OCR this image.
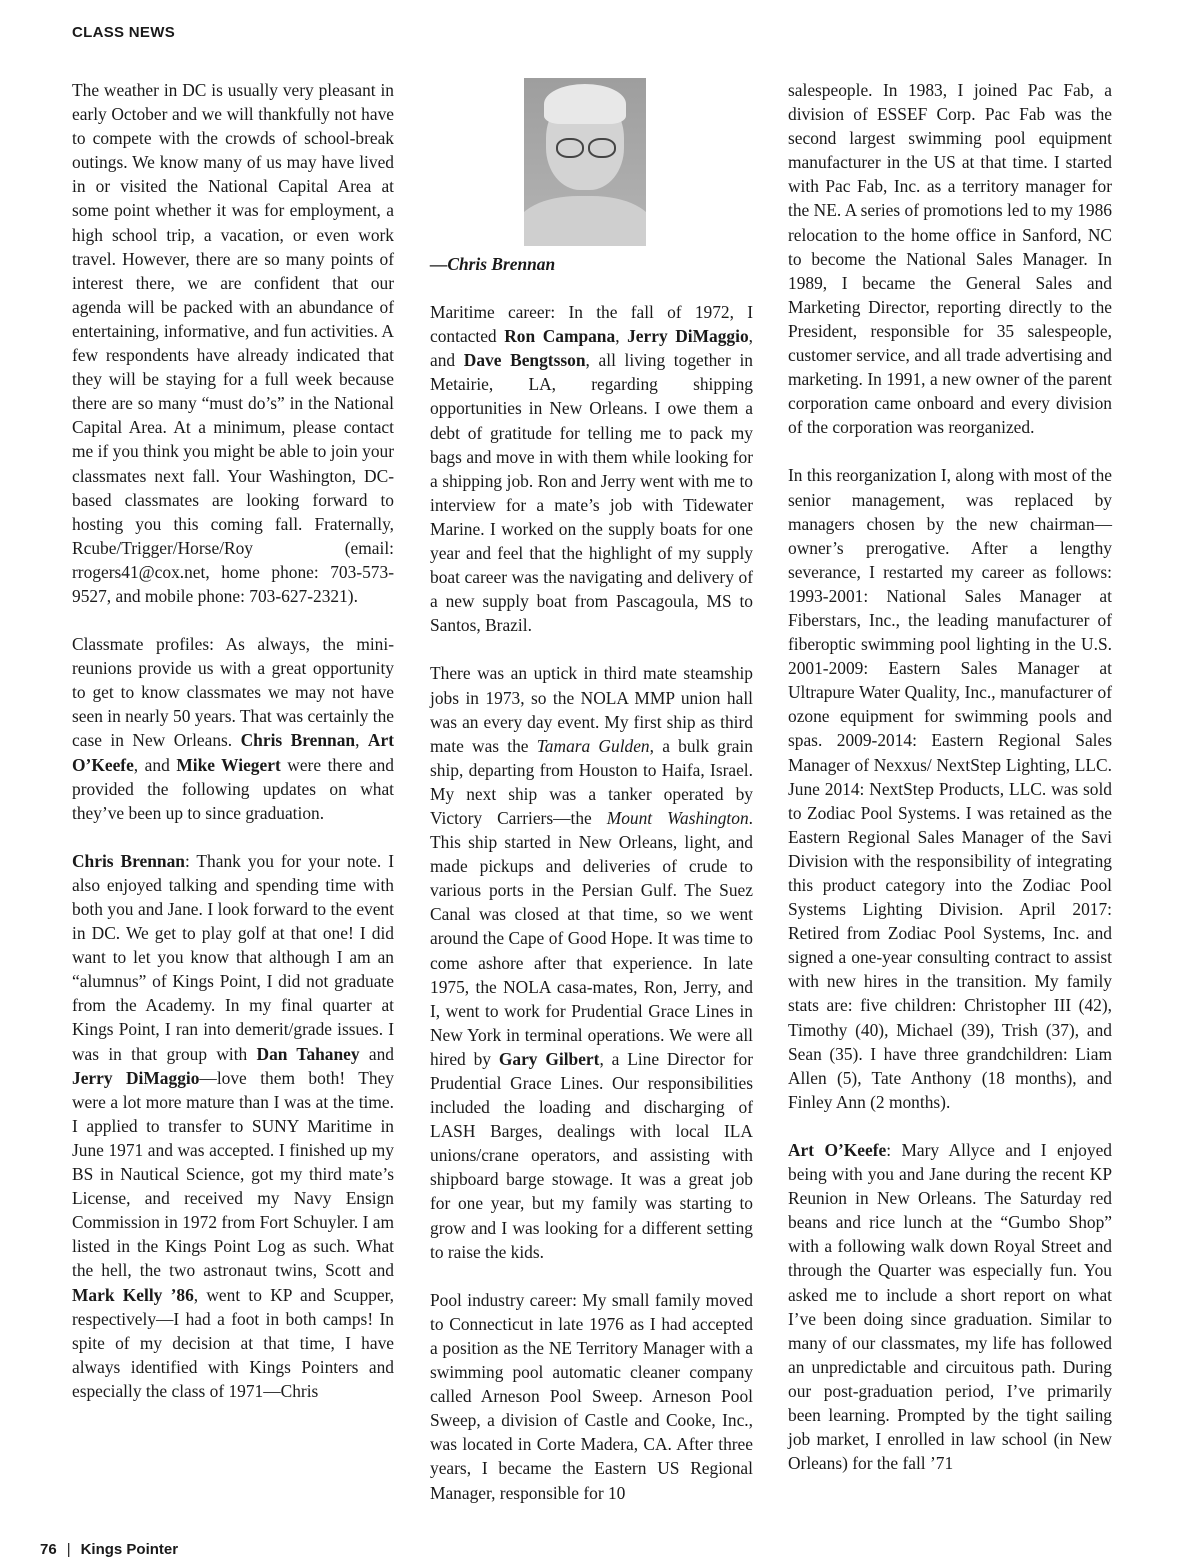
CLASS NEWS

The weather in DC is usually very pleasant in early October and we will thankfully not have to compete with the crowds of school-break outings. We know many of us may have lived in or visited the National Capital Area at some point whether it was for employment, a high school trip, a vacation, or even work travel. However, there are so many points of interest there, we are confident that our agenda will be packed with an abundance of entertaining, informative, and fun activities. A few respondents have already indicated that they will be staying for a full week because there are so many “must do’s” in the National Capital Area. At a minimum, please contact me if you think you might be able to join your classmates next fall. Your Washington, DC-based classmates are looking forward to hosting you this coming fall. Fraternally, Rcube/Trigger/Horse/Roy (email: rrogers41@cox.net, home phone: 703-573-9527, and mobile phone: 703-627-2321).

Classmate profiles: As always, the mini-reunions provide us with a great opportunity to get to know classmates we may not have seen in nearly 50 years. That was certainly the case in New Orleans. Chris Brennan, Art O’Keefe, and Mike Wiegert were there and provided the following updates on what they’ve been up to since graduation.

Chris Brennan: Thank you for your note. I also enjoyed talking and spending time with both you and Jane. I look forward to the event in DC. We get to play golf at that one! I did want to let you know that although I am an “alumnus” of Kings Point, I did not graduate from the Academy. In my final quarter at Kings Point, I ran into demerit/grade issues. I was in that group with Dan Tahaney and Jerry DiMaggio—love them both! They were a lot more mature than I was at the time. I applied to transfer to SUNY Maritime in June 1971 and was accepted. I finished up my BS in Nautical Science, got my third mate’s License, and received my Navy Ensign Commission in 1972 from Fort Schuyler. I am listed in the Kings Point Log as such. What the hell, the two astronaut twins, Scott and Mark Kelly ’86, went to KP and Scupper, respectively—I had a foot in both camps! In spite of my decision at that time, I have always identified with Kings Pointers and especially the class of 1971—Chris

—Chris Brennan

Maritime career: In the fall of 1972, I contacted Ron Campana, Jerry DiMaggio, and Dave Bengtsson, all living together in Metairie, LA, regarding shipping opportunities in New Orleans. I owe them a debt of gratitude for telling me to pack my bags and move in with them while looking for a shipping job. Ron and Jerry went with me to interview for a mate’s job with Tidewater Marine. I worked on the supply boats for one year and feel that the highlight of my supply boat career was the navigating and delivery of a new supply boat from Pascagoula, MS to Santos, Brazil.

There was an uptick in third mate steamship jobs in 1973, so the NOLA MMP union hall was an every day event. My first ship as third mate was the Tamara Gulden, a bulk grain ship, departing from Houston to Haifa, Israel. My next ship was a tanker operated by Victory Carriers—the Mount Washington. This ship started in New Orleans, light, and made pickups and deliveries of crude to various ports in the Persian Gulf. The Suez Canal was closed at that time, so we went around the Cape of Good Hope. It was time to come ashore after that experience. In late 1975, the NOLA casa-mates, Ron, Jerry, and I, went to work for Prudential Grace Lines in New York in terminal operations. We were all hired by Gary Gilbert, a Line Director for Prudential Grace Lines. Our responsibilities included the loading and discharging of LASH Barges, dealings with local ILA unions/crane operators, and assisting with shipboard barge stowage. It was a great job for one year, but my family was starting to grow and I was looking for a different setting to raise the kids.

Pool industry career: My small family moved to Connecticut in late 1976 as I had accepted a position as the NE Territory Manager with a swimming pool automatic cleaner company called Arneson Pool Sweep. Arneson Pool Sweep, a division of Castle and Cooke, Inc., was located in Corte Madera, CA. After three years, I became the Eastern US Regional Manager, responsible for 10

salespeople. In 1983, I joined Pac Fab, a division of ESSEF Corp. Pac Fab was the second largest swimming pool equipment manufacturer in the US at that time. I started with Pac Fab, Inc. as a territory manager for the NE. A series of promotions led to my 1986 relocation to the home office in Sanford, NC to become the National Sales Manager. In 1989, I became the General Sales and Marketing Director, reporting directly to the President, responsible for 35 salespeople, customer service, and all trade advertising and marketing. In 1991, a new owner of the parent corporation came onboard and every division of the corporation was reorganized.

In this reorganization I, along with most of the senior management, was replaced by managers chosen by the new chairman—owner’s prerogative. After a lengthy severance, I restarted my career as follows: 1993-2001: National Sales Manager at Fiberstars, Inc., the leading manufacturer of fiberoptic swimming pool lighting in the U.S. 2001-2009: Eastern Sales Manager at Ultrapure Water Quality, Inc., manufacturer of ozone equipment for swimming pools and spas. 2009-2014: Eastern Regional Sales Manager of Nexxus/ NextStep Lighting, LLC. June 2014: NextStep Products, LLC. was sold to Zodiac Pool Systems. I was retained as the Eastern Regional Sales Manager of the Savi Division with the responsibility of integrating this product category into the Zodiac Pool Systems Lighting Division. April 2017: Retired from Zodiac Pool Systems, Inc. and signed a one-year consulting contract to assist with new hires in the transition. My family stats are: five children: Christopher III (42), Timothy (40), Michael (39), Trish (37), and Sean (35). I have three grandchildren: Liam Allen (5), Tate Anthony (18 months), and Finley Ann (2 months).

Art O’Keefe: Mary Allyce and I enjoyed being with you and Jane during the recent KP Reunion in New Orleans. The Saturday red beans and rice lunch at the “Gumbo Shop” with a following walk down Royal Street and through the Quarter was especially fun. You asked me to include a short report on what I’ve been doing since graduation. Similar to many of our classmates, my life has followed an unpredictable and circuitous path. During our post-graduation period, I’ve primarily been learning. Prompted by the tight sailing job market, I enrolled in law school (in New Orleans) for the fall ’71

76 | Kings Pointer
